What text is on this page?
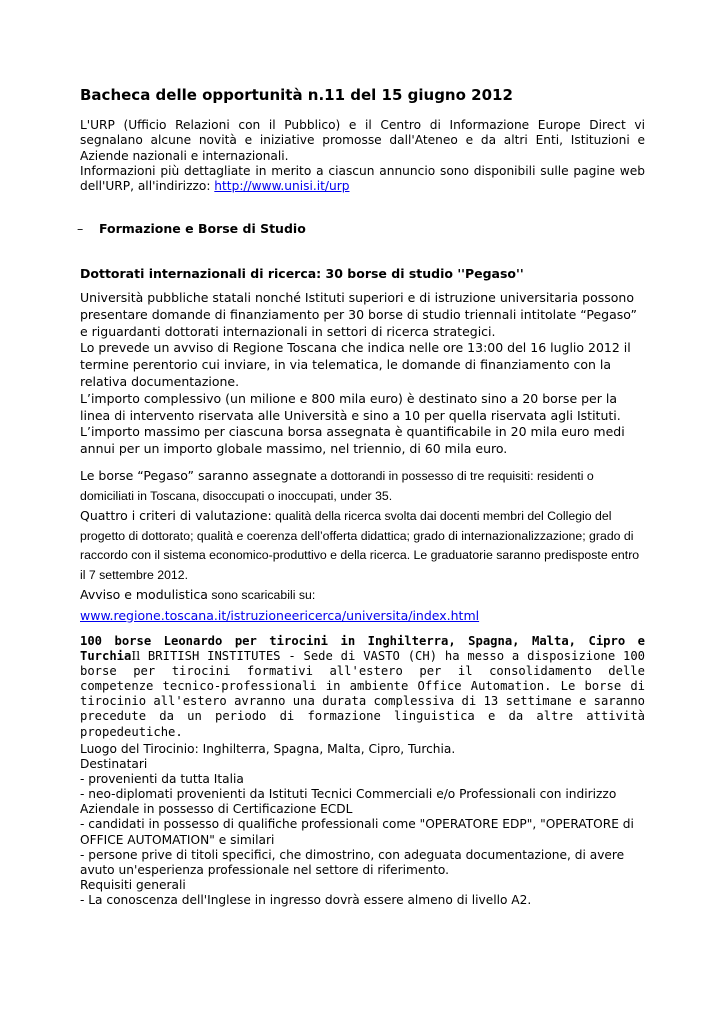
Bacheca delle opportunità n.11 del 15 giugno 2012

L'URP (Ufficio Relazioni con il Pubblico) e il Centro di Informazione Europe Direct vi segnalano alcune novità e iniziative promosse dall'Ateneo e da altri Enti, Istituzioni e Aziende nazionali e internazionali.

Informazioni più dettagliate in merito a ciascun annuncio sono disponibili sulle pagine web dell'URP, all'indirizzo: http://www.unisi.it/urp

– Formazione e Borse di Studio
Dottorati internazionali di ricerca: 30 borse di studio ''Pegaso''

Università pubbliche statali nonché Istituti superiori e di istruzione universitaria possono presentare domande di finanziamento per 30 borse di studio triennali intitolate “Pegaso” e riguardanti dottorati internazionali in settori di ricerca strategici.

Lo prevede un avviso di Regione Toscana che indica nelle ore 13:00 del 16 luglio 2012 il termine perentorio cui inviare, in via telematica, le domande di finanziamento con la relativa documentazione.

L’importo complessivo (un milione e 800 mila euro) è destinato sino a 20 borse per la linea di intervento riservata alle Università e sino a 10 per quella riservata agli Istituti. L’importo massimo per ciascuna borsa assegnata è quantificabile in 20 mila euro medi annui per un importo globale massimo, nel triennio, di 60 mila euro.

Le borse “Pegaso” saranno assegnate a dottorandi in possesso di tre requisiti: residenti o domiciliati in Toscana, disoccupati o inoccupati, under 35.

Quattro i criteri di valutazione: qualità della ricerca svolta dai docenti membri del Collegio del progetto di dottorato; qualità e coerenza dell’offerta didattica; grado di internazionalizzazione; grado di raccordo con il sistema economico-produttivo e della ricerca. Le graduatorie saranno predisposte entro il 7 settembre 2012.

Avviso e modulistica sono scaricabili su:

www.regione.toscana.it/istruzioneericerca/universita/index.html

100 borse Leonardo per tirocini in Inghilterra, Spagna, Malta, Cipro e TurchiaIl BRITISH INSTITUTES - Sede di VASTO (CH) ha messo a disposizione 100 borse per tirocini formativi all'estero per il consolidamento delle competenze tecnico-professionali in ambiente Office Automation. Le borse di tirocinio all'estero avranno una durata complessiva di 13 settimane e saranno precedute da un periodo di formazione linguistica e da altre attività propedeutiche.

Luogo del Tirocinio: Inghilterra, Spagna, Malta, Cipro, Turchia.

Destinatari

- provenienti da tutta Italia

- neo-diplomati provenienti da Istituti Tecnici Commerciali e/o Professionali con indirizzo Aziendale in possesso di Certificazione ECDL

- candidati in possesso di qualifiche professionali come "OPERATORE EDP", "OPERATORE di OFFICE AUTOMATION" e similari

- persone prive di titoli specifici, che dimostrino, con adeguata documentazione, di avere avuto un'esperienza professionale nel settore di riferimento.

Requisiti generali

- La conoscenza dell'Inglese in ingresso dovrà essere almeno di livello A2.
